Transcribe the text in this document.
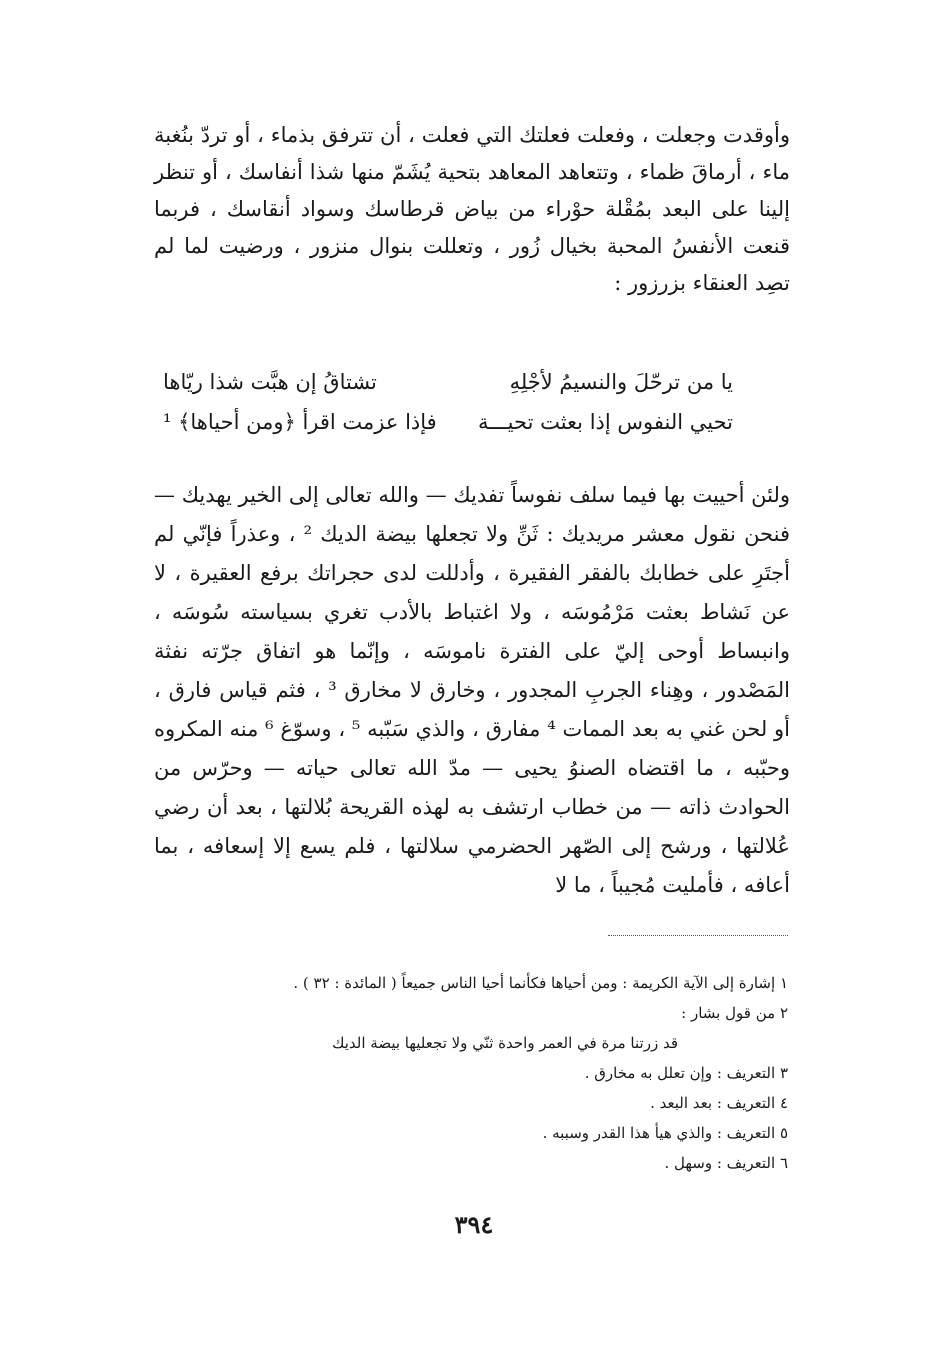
وأوقدت وجعلت ، وفعلت فعلتك التي فعلت ، أن تترفق بذماء ، أو تردّ بنُغبة ماء ، أرماقَ ظماء ، وتتعاهد المعاهد بتحية يُشَمّ منها شذا أنفاسك ، أو تنظر إلينا على البعد بمُقْلة حوْراء من بياض قرطاسك وسواد أنقاسك ، فربما قنعت الأنفسُ المحبة بخيال زُور ، وتعللت بنوال منزور ، ورضيت لما لم تصِد العنقاء بزرزور :
يا من ترحّلَ والنسيمُ لأجْلِهِ
تشتاقُ إن هبَّت شذا ريّاها
تحيي النفوس إذا بعثت تحيـــة
فإذا عزمت اقرأ ﴿ومن أحياها﴾ ¹
ولئن أحييت بها فيما سلف نفوساً تفديك — والله تعالى إلى الخير يهديك — فنحن نقول معشر مريديك : ثَنِّ ولا تجعلها بيضة الديك ² ، وعذراً فإنّي لم أجتَرِ على خطابك بالفقر الفقيرة ، وأدللت لدى حجراتك برفع العقيرة ، لا عن نَشاط بعثت مَرْمُوسَه ، ولا اغتباط بالأدب تغري بسياسته سُوسَه ، وانبساط أوحى إليّ على الفترة ناموسَه ، وإنّما هو اتفاق جرّته نفثة المَصْدور ، وهِناء الجربِ المجدور ، وخارق لا مخارق ³ ، فثم قياس فارق ، أو لحن غني به بعد الممات ⁴ مفارق ، والذي سَبّبه ⁵ ، وسوّغ ⁶ منه المكروه وحبّبه ، ما اقتضاه الصنوُ يحيى — مدّ الله تعالى حياته — وحرّس من الحوادث ذاته — من خطاب ارتشف به لهذه القريحة بُلالتها ، بعد أن رضي عُلالتها ، ورشح إلى الصّهر الحضرمي سلالتها ، فلم يسع إلا إسعافه ، بما أعافه ، فأمليت مُجيباً ، ما لا
١ إشارة إلى الآية الكريمة : ومن أحياها فكأنما أحيا الناس جميعاً ( المائدة : ٣٢ ) .
٢ من قول بشار :
قد زرتنا مرة في العمر واحدة ثنّي ولا تجعليها بيضة الديك
٣ التعريف : وإن تعلل به مخارق .
٤ التعريف : بعد البعد .
٥ التعريف : والذي هيأ هذا القدر وسببه .
٦ التعريف : وسهل .
٣٩٤
